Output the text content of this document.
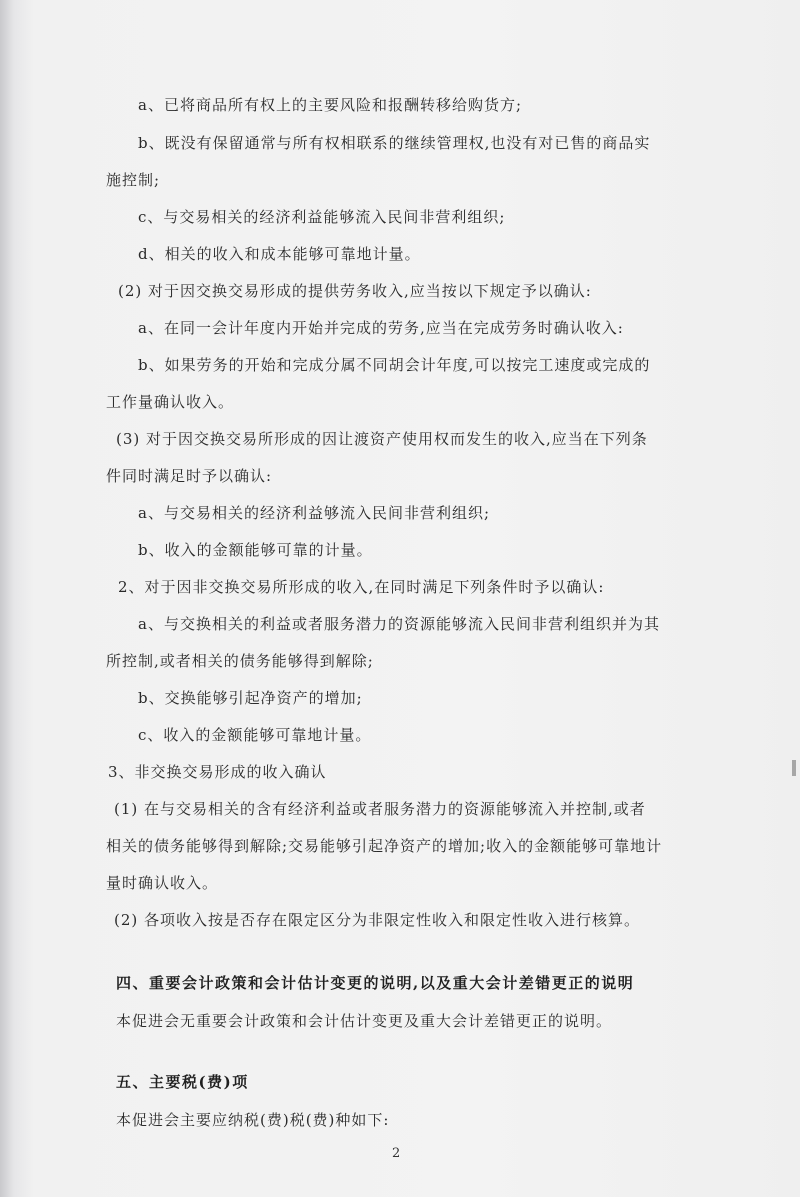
a、已将商品所有权上的主要风险和报酬转移给购货方;
b、既没有保留通常与所有权相联系的继续管理权,也没有对已售的商品实
施控制;
c、与交易相关的经济利益能够流入民间非营利组织;
d、相关的收入和成本能够可靠地计量。
(2) 对于因交换交易形成的提供劳务收入,应当按以下规定予以确认:
a、在同一会计年度内开始并完成的劳务,应当在完成劳务时确认收入:
b、如果劳务的开始和完成分属不同胡会计年度,可以按完工速度或完成的
工作量确认收入。
(3) 对于因交换交易所形成的因让渡资产使用权而发生的收入,应当在下列条
件同时满足时予以确认:
a、与交易相关的经济利益够流入民间非营利组织;
b、收入的金额能够可靠的计量。
2、对于因非交换交易所形成的收入,在同时满足下列条件时予以确认:
a、与交换相关的利益或者服务潜力的资源能够流入民间非营利组织并为其
所控制,或者相关的债务能够得到解除;
b、交换能够引起净资产的增加;
c、收入的金额能够可靠地计量。
3、非交换交易形成的收入确认
(1) 在与交易相关的含有经济利益或者服务潜力的资源能够流入并控制,或者
相关的债务能够得到解除;交易能够引起净资产的增加;收入的金额能够可靠地计
量时确认收入。
(2) 各项收入按是否存在限定区分为非限定性收入和限定性收入进行核算。
四、重要会计政策和会计估计变更的说明,以及重大会计差错更正的说明
本促进会无重要会计政策和会计估计变更及重大会计差错更正的说明。
五、主要税(费)项
本促进会主要应纳税(费)税(费)种如下:
2
